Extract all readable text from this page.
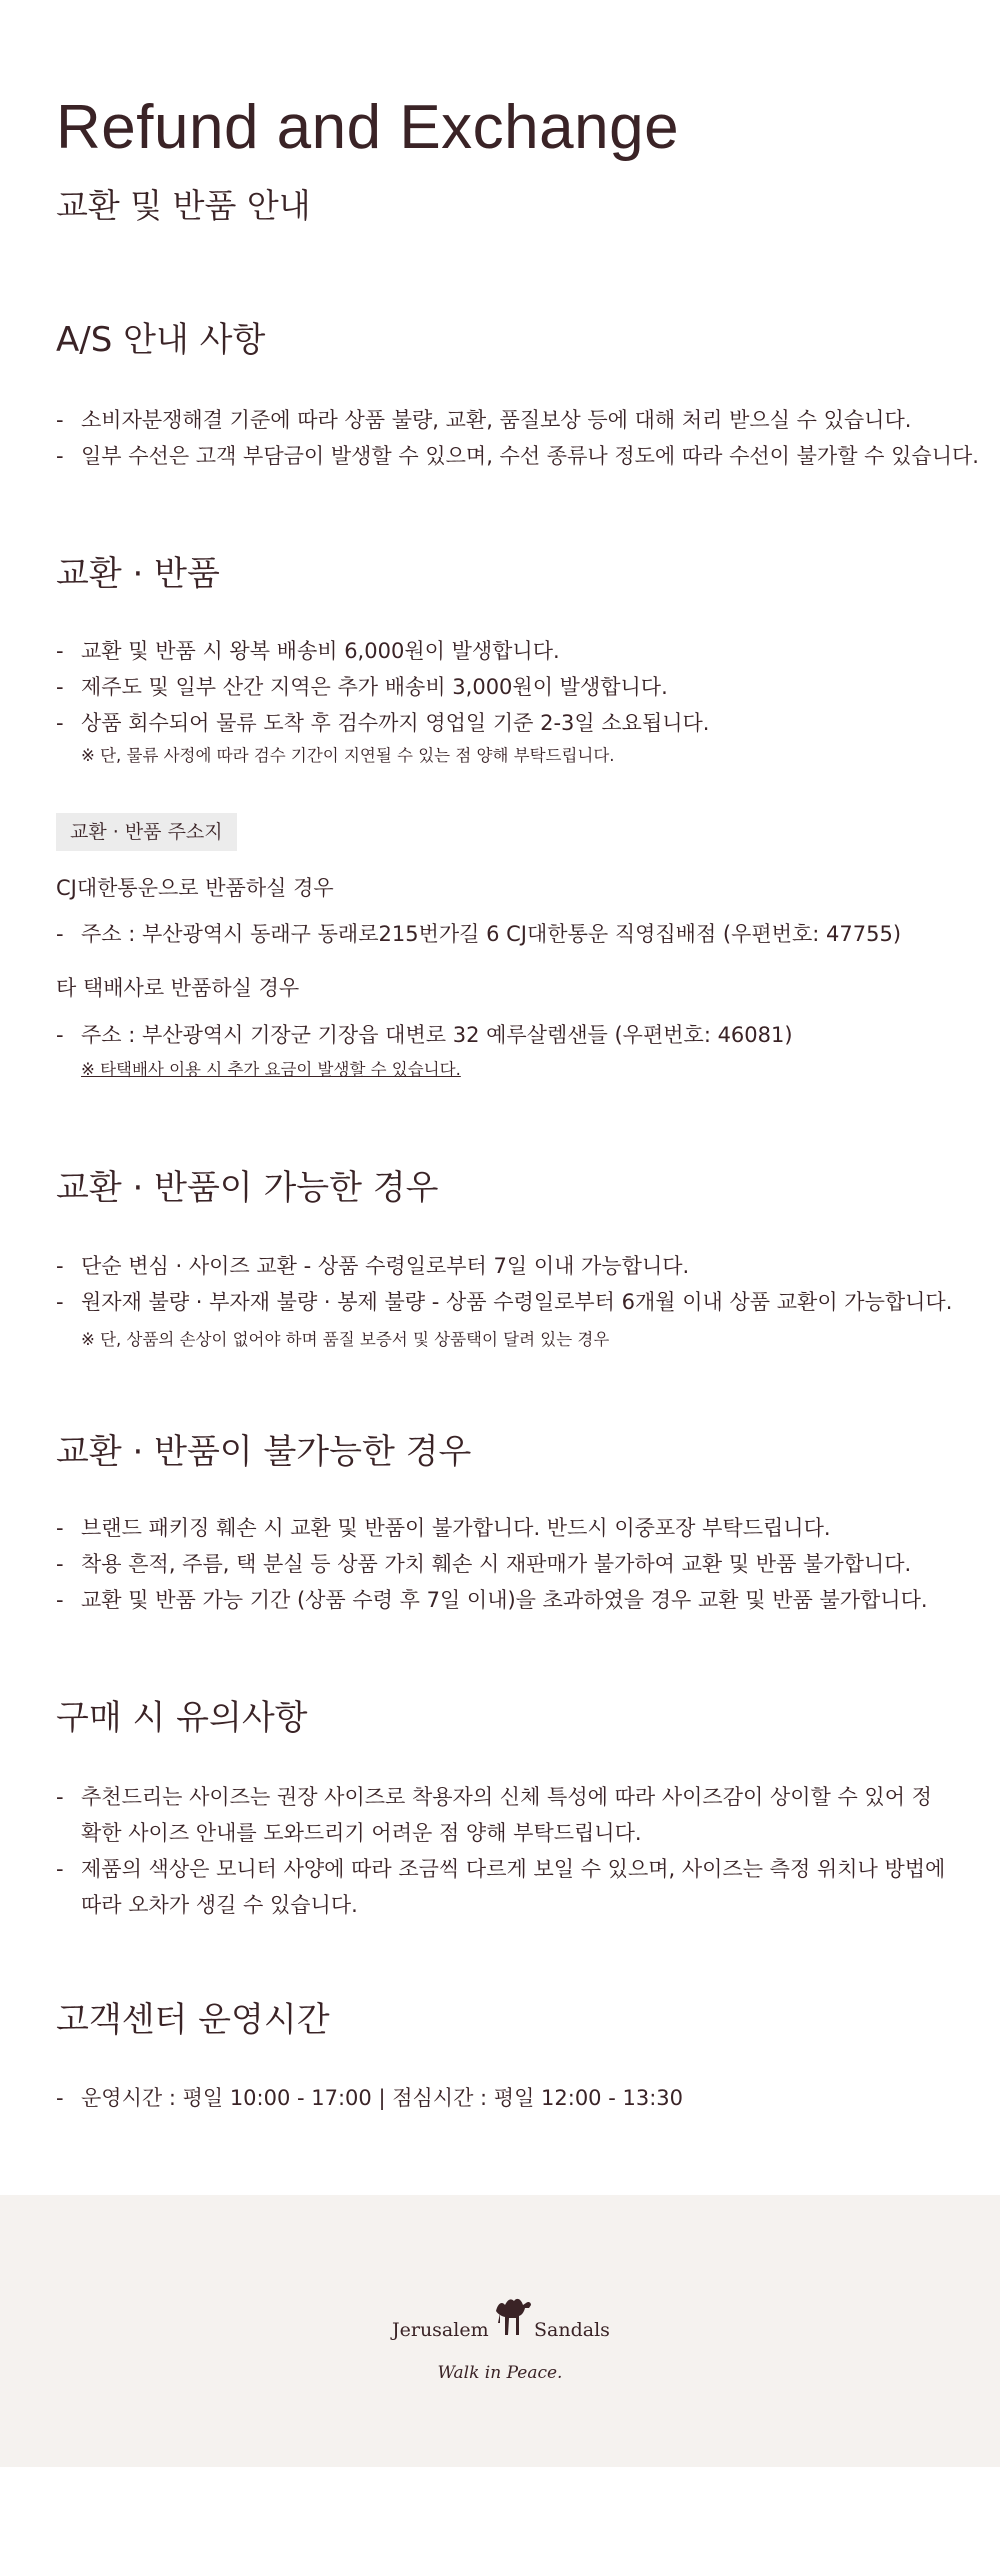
Refund and Exchange
교환 및 반품 안내
A/S 안내 사항
- 소비자분쟁해결 기준에 따라 상품 불량, 교환, 품질보상 등에 대해 처리 받으실 수 있습니다.
- 일부 수선은 고객 부담금이 발생할 수 있으며, 수선 종류나 정도에 따라 수선이 불가할 수 있습니다.
교환 · 반품
- 교환 및 반품 시 왕복 배송비 6,000원이 발생합니다.
- 제주도 및 일부 산간 지역은 추가 배송비 3,000원이 발생합니다.
- 상품 회수되어 물류 도착 후 검수까지 영업일 기준 2-3일 소요됩니다.
※ 단, 물류 사정에 따라 검수 기간이 지연될 수 있는 점 양해 부탁드립니다.
교환 · 반품 주소지
CJ대한통운으로 반품하실 경우
- 주소 : 부산광역시 동래구 동래로215번가길 6 CJ대한통운 직영집배점 (우편번호: 47755)
타 택배사로 반품하실 경우
- 주소 : 부산광역시 기장군 기장읍 대변로 32 예루살렘샌들 (우편번호: 46081)
※ 타택배사 이용 시 추가 요금이 발생할 수 있습니다.
교환 · 반품이 가능한 경우
- 단순 변심 · 사이즈 교환 - 상품 수령일로부터 7일 이내 가능합니다.
- 원자재 불량 · 부자재 불량 · 봉제 불량 - 상품 수령일로부터 6개월 이내 상품 교환이 가능합니다.
※ 단, 상품의 손상이 없어야 하며 품질 보증서 및 상품택이 달려 있는 경우
교환 · 반품이 불가능한 경우
- 브랜드 패키징 훼손 시 교환 및 반품이 불가합니다. 반드시 이중포장 부탁드립니다.
- 착용 흔적, 주름, 택 분실 등 상품 가치 훼손 시 재판매가 불가하여 교환 및 반품 불가합니다.
- 교환 및 반품 가능 기간 (상품 수령 후 7일 이내)을 초과하였을 경우 교환 및 반품 불가합니다.
구매 시 유의사항
- 추천드리는 사이즈는 권장 사이즈로 착용자의 신체 특성에 따라 사이즈감이 상이할 수 있어 정확한 사이즈 안내를 도와드리기 어려운 점 양해 부탁드립니다.
- 제품의 색상은 모니터 사양에 따라 조금씩 다르게 보일 수 있으며, 사이즈는 측정 위치나 방법에 따라 오차가 생길 수 있습니다.
고객센터 운영시간
- 운영시간 : 평일 10:00 - 17:00 | 점심시간 : 평일 12:00 - 13:30
Jerusalem Sandals
Walk in Peace.
